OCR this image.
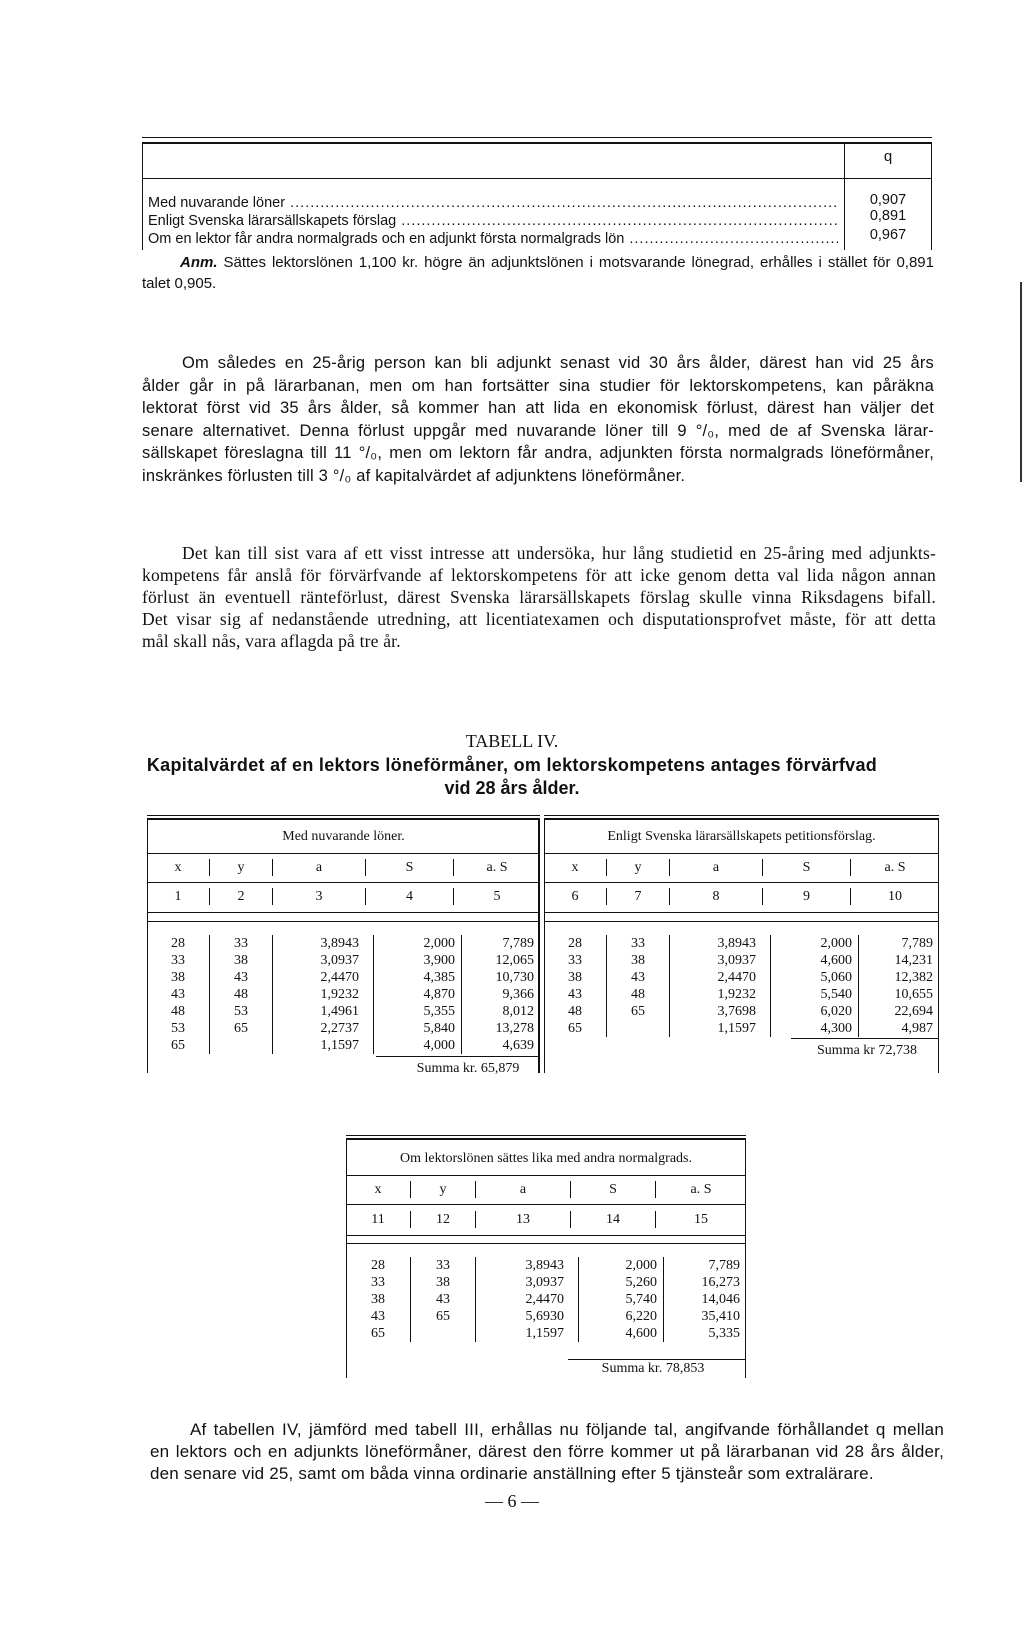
q
Med nuvarande löner .....	0,907
Enligt Svenska lärarsällskapets förslag .....	0,891
Om en lektor får andra normalgrads och en adjunkt första normalgrads lön .....	0,967
Anm. Sättes lektorslönen 1,100 kr. högre än adjunktslönen i motsvarande lönegrad, erhålles i stället för 0,891
talet 0,905.
Om således en 25-årig person kan bli adjunkt senast vid 30 års ålder, därest han vid 25 års
ålder går in på lärarbanan, men om han fortsätter sina studier för lektorskompetens, kan påräkna
lektorat först vid 35 års ålder, så kommer han att lida en ekonomisk förlust, därest han väljer det
senare alternativet. Denna förlust uppgår med nuvarande löner till 9 °/₀, med de af Svenska lärar-
sällskapet föreslagna till 11 °/₀, men om lektorn får andra, adjunkten första normalgrads löneförmåner,
inskränkes förlusten till 3 °/₀ af kapitalvärdet af adjunktens löneförmåner.
Det kan till sist vara af ett visst intresse att undersöka, hur lång studietid en 25-åring med adjunkts-
kompetens får anslå för förvärfvande af lektorskompetens för att icke genom detta val lida någon annan
förlust än eventuell ränteförlust, därest Svenska lärarsällskapets förslag skulle vinna Riksdagens bifall.
Det visar sig af nedanstående utredning, att licentiatexamen och disputationsprofvet måste, för att detta
mål skall nås, vara aflagda på tre år.
TABELL IV.
Kapitalvärdet af en lektors löneförmåner, om lektorskompetens antages förvärfvad
vid 28 års ålder.
Med nuvarande löner.
x	y	a	S	a. S
1	2	3	4	5
28	33	3,8943	2,000	7,789
33	38	3,0937	3,900	12,065
38	43	2,4470	4,385	10,730
43	48	1,9232	4,870	9,366
48	53	1,4961	5,355	8,012
53	65	2,2737	5,840	13,278
65		1,1597	4,000	4,639
Summa kr. 65,879
Enligt Svenska lärarsällskapets petitionsförslag.
x	y	a	S	a. S
6	7	8	9	10
28	33	3,8943	2,000	7,789
33	38	3,0937	4,600	14,231
38	43	2,4470	5,060	12,382
43	48	1,9232	5,540	10,655
48	65	3,7698	6,020	22,694
65		1,1597	4,300	4,987
Summa kr 72,738
Om lektorslönen sättes lika med andra normalgrads.
x	y	a	S	a. S
11	12	13	14	15
28	33	3,8943	2,000	7,789
33	38	3,0937	5,260	16,273
38	43	2,4470	5,740	14,046
43	65	5,6930	6,220	35,410
65		1,1597	4,600	5,335
Summa kr. 78,853
Af tabellen IV, jämförd med tabell III, erhållas nu följande tal, angifvande förhållandet q mellan
en lektors och en adjunkts löneförmåner, därest den förre kommer ut på lärarbanan vid 28 års ålder,
den senare vid 25, samt om båda vinna ordinarie anställning efter 5 tjänsteår som extralärare.
— 6 —
